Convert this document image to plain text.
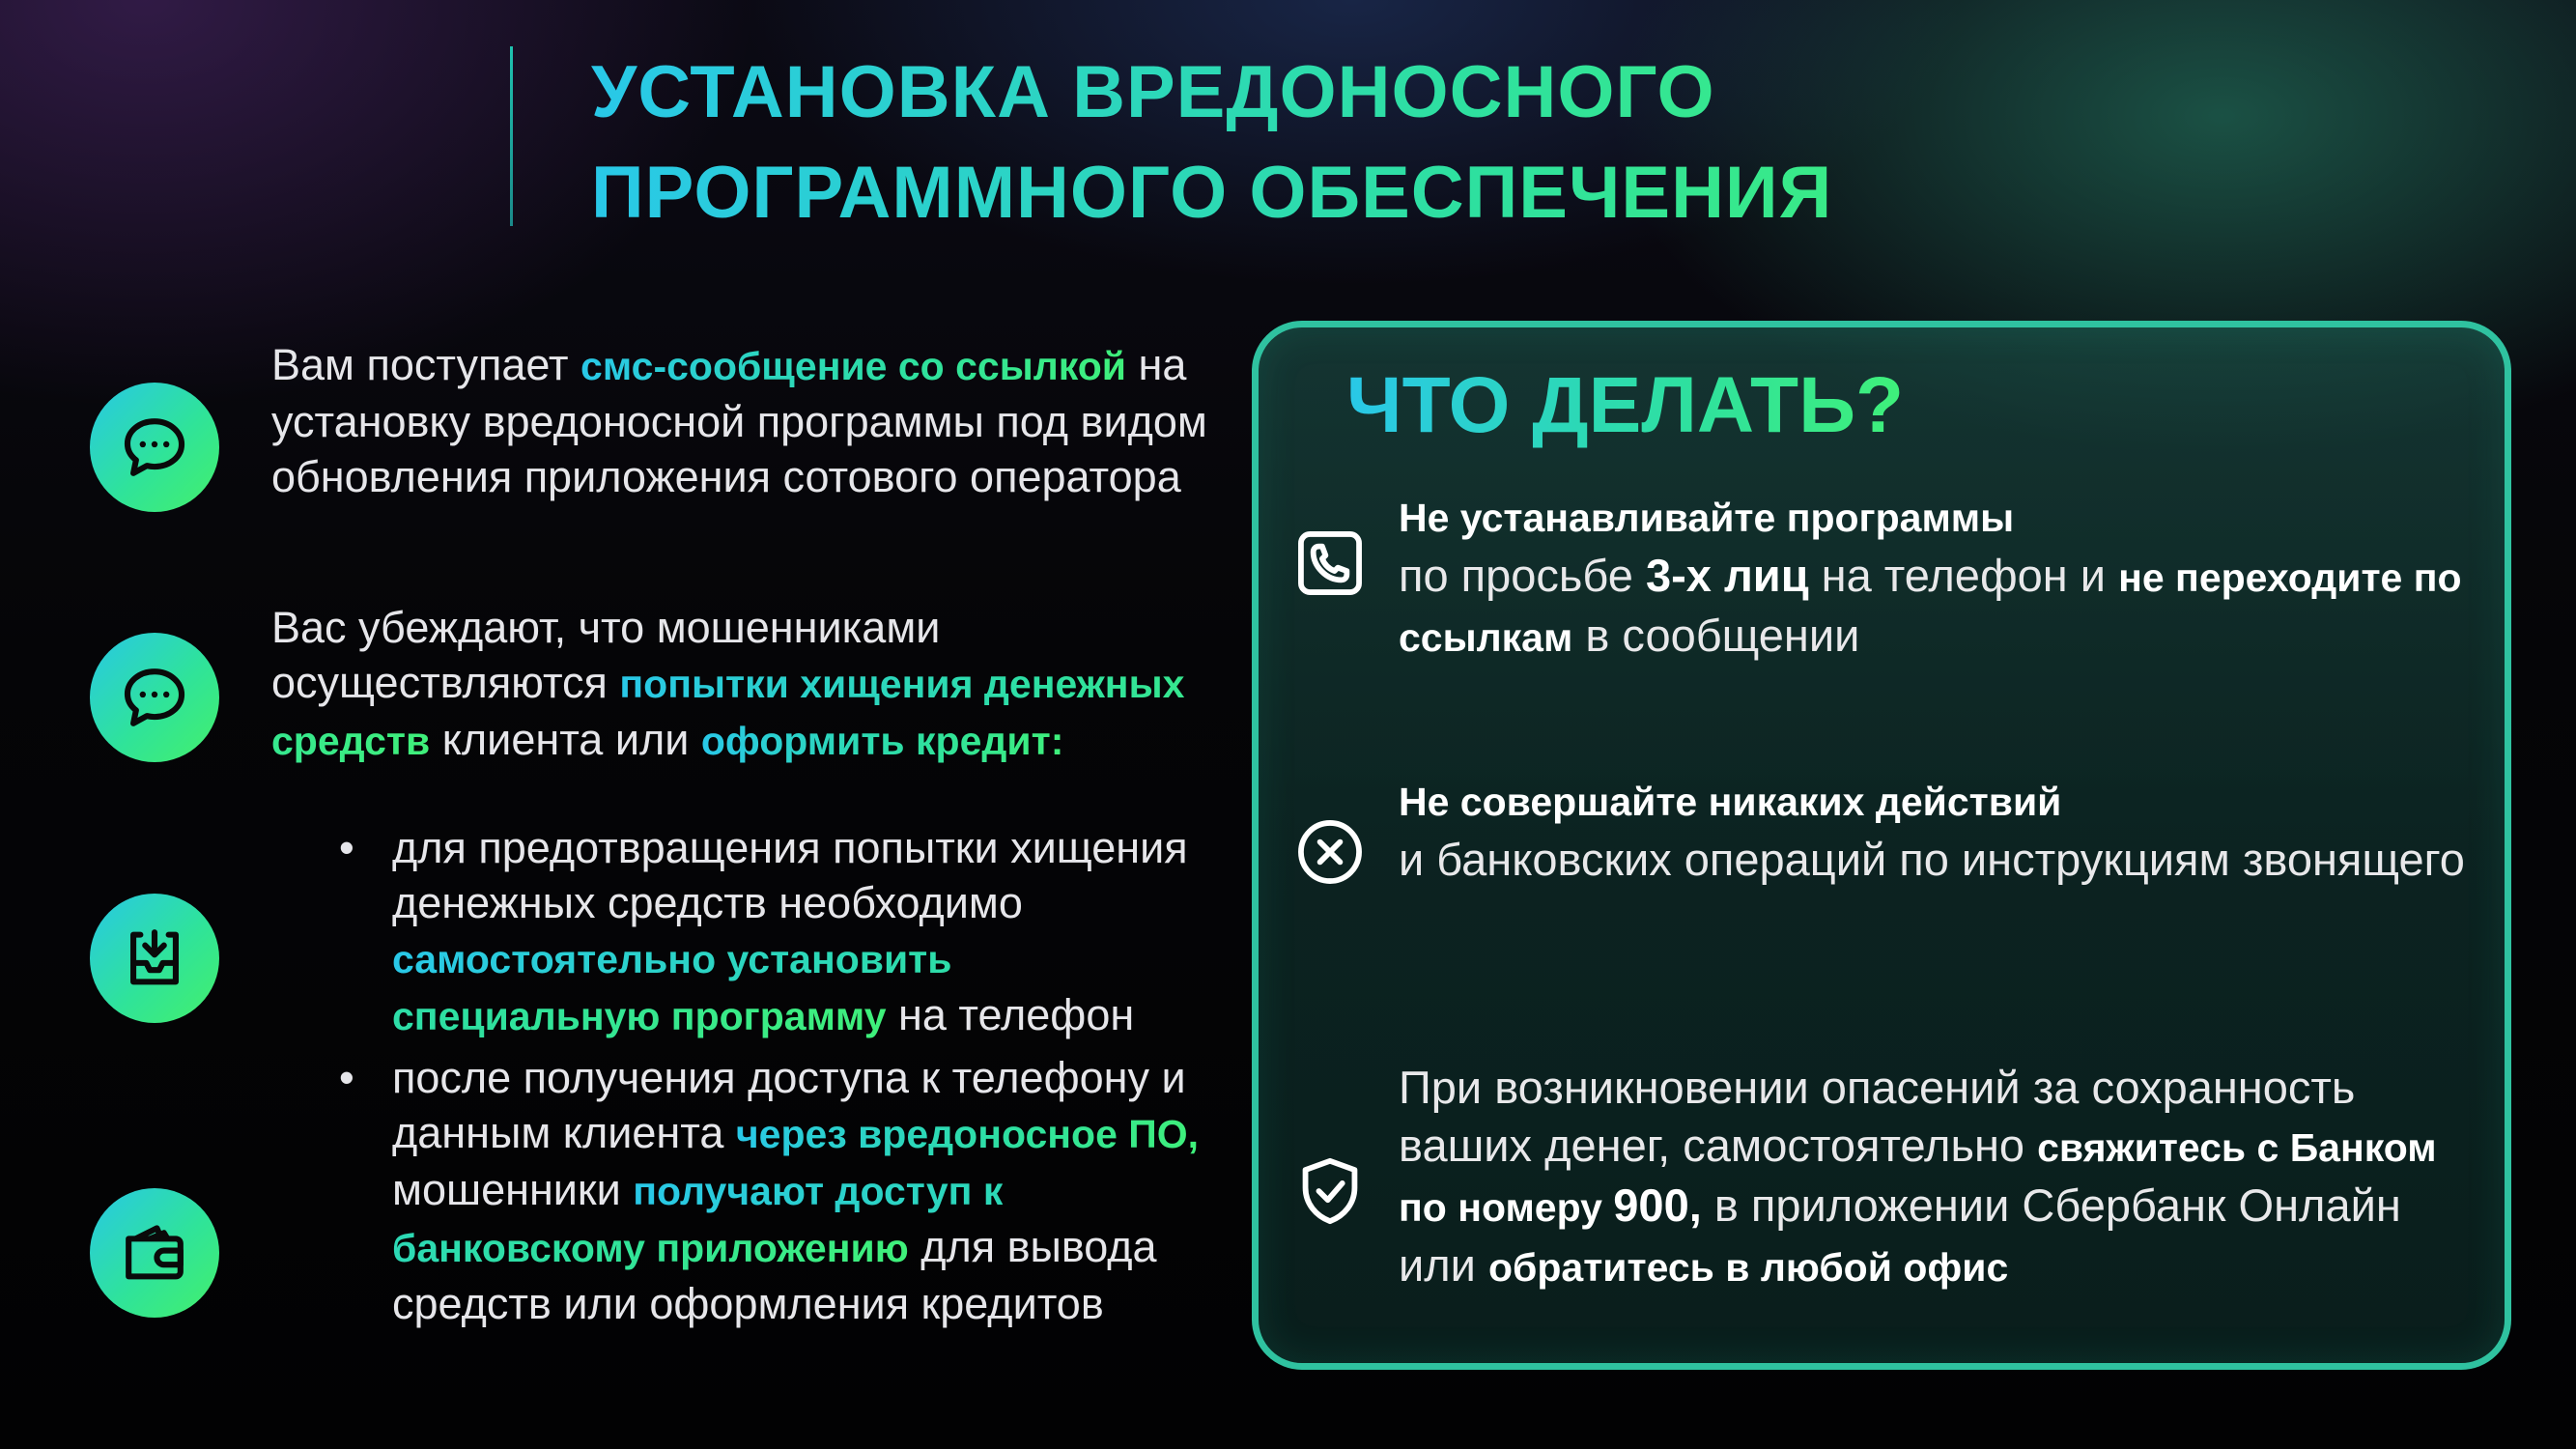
УСТАНОВКА ВРЕДОНОСНОГО
ПРОГРАММНОГО ОБЕСПЕЧЕНИЯ
Вам поступает смс-сообщение со ссылкой на установку вредоносной программы под видом обновления приложения сотового оператора
Вас убеждают, что мошенниками осуществляются попытки хищения денежных средств клиента или оформить кредит:
• для предотвращения попытки хищения денежных средств необходимо самостоятельно установить специальную программу на телефон
• после получения доступа к телефону и данным клиента через вредоносное ПО, мошенники получают доступ к банковскому приложению для вывода средств или оформления кредитов
ЧТО ДЕЛАТЬ?
Не устанавливайте программы
по просьбе 3-х лиц на телефон и не переходите по ссылкам в сообщении
Не совершайте никаких действий
и банковских операций по инструкциям звонящего
При возникновении опасений за сохранность ваших денег, самостоятельно свяжитесь с Банком по номеру 900, в приложении Сбербанк Онлайн или обратитесь в любой офис
